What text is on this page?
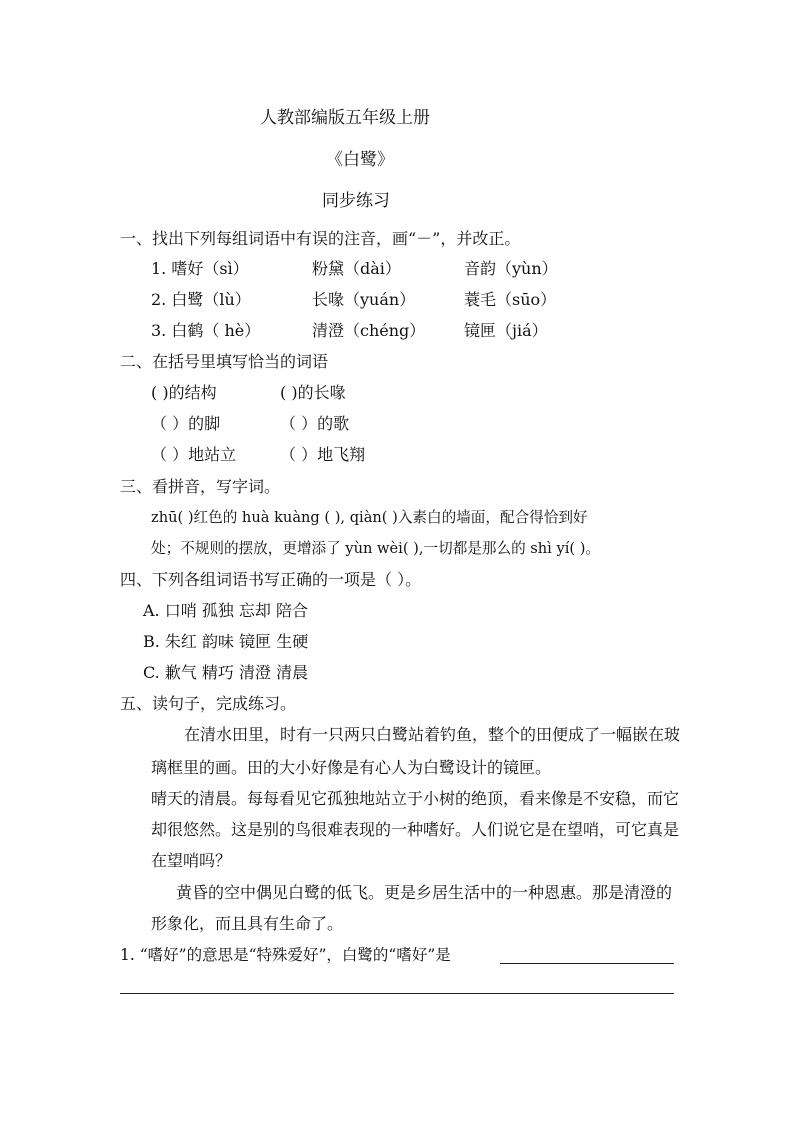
人教部编版五年级上册
《白鹭》
同步练习
一、找出下列每组词语中有误的注音，画“－”，并改正。
1. 嗜好（sì）	粉黛（dài）	音韵（yùn）
2. 白鹭（lù）	长喙（yuán）	蓑毛（sūo）
3. 白鹤（ hè）	清澄（chéng） 镜匣（jiá）
二、在括号里填写恰当的词语
( )的结构	( )的长喙
（ ）的脚	（ ）的歌
（ ）地站立	（ ）地飞翔
三、看拼音，写字词。
zhū( )红色的 huà kuàng ( ), qiàn( )入素白的墙面，配合得恰到好
处；不规则的摆放，更增添了 yùn wèi( ),一切都是那么的 shì yí( )。
四、下列各组词语书写正确的一项是（ ）。
A. 口哨 孤独 忘却 陪合
B. 朱红 韵味 镜匣 生硬
C. 歉气 精巧 清澄 清晨
五、读句子，完成练习。
在清水田里，时有一只两只白鹭站着钓鱼，整个的田便成了一幅嵌在玻
璃框里的画。田的大小好像是有心人为白鹭设计的镜匣。
晴天的清晨。每每看见它孤独地站立于小树的绝顶，看来像是不安稳，而它
却很悠然。这是别的鸟很难表现的一种嗜好。人们说它是在望哨，可它真是
在望哨吗？
黄昏的空中偶见白鹭的低飞。更是乡居生活中的一种恩惠。那是清澄的
形象化，而且具有生命了。
1. “嗜好”的意思是“特殊爱好”，白鹭的“嗜好”是
